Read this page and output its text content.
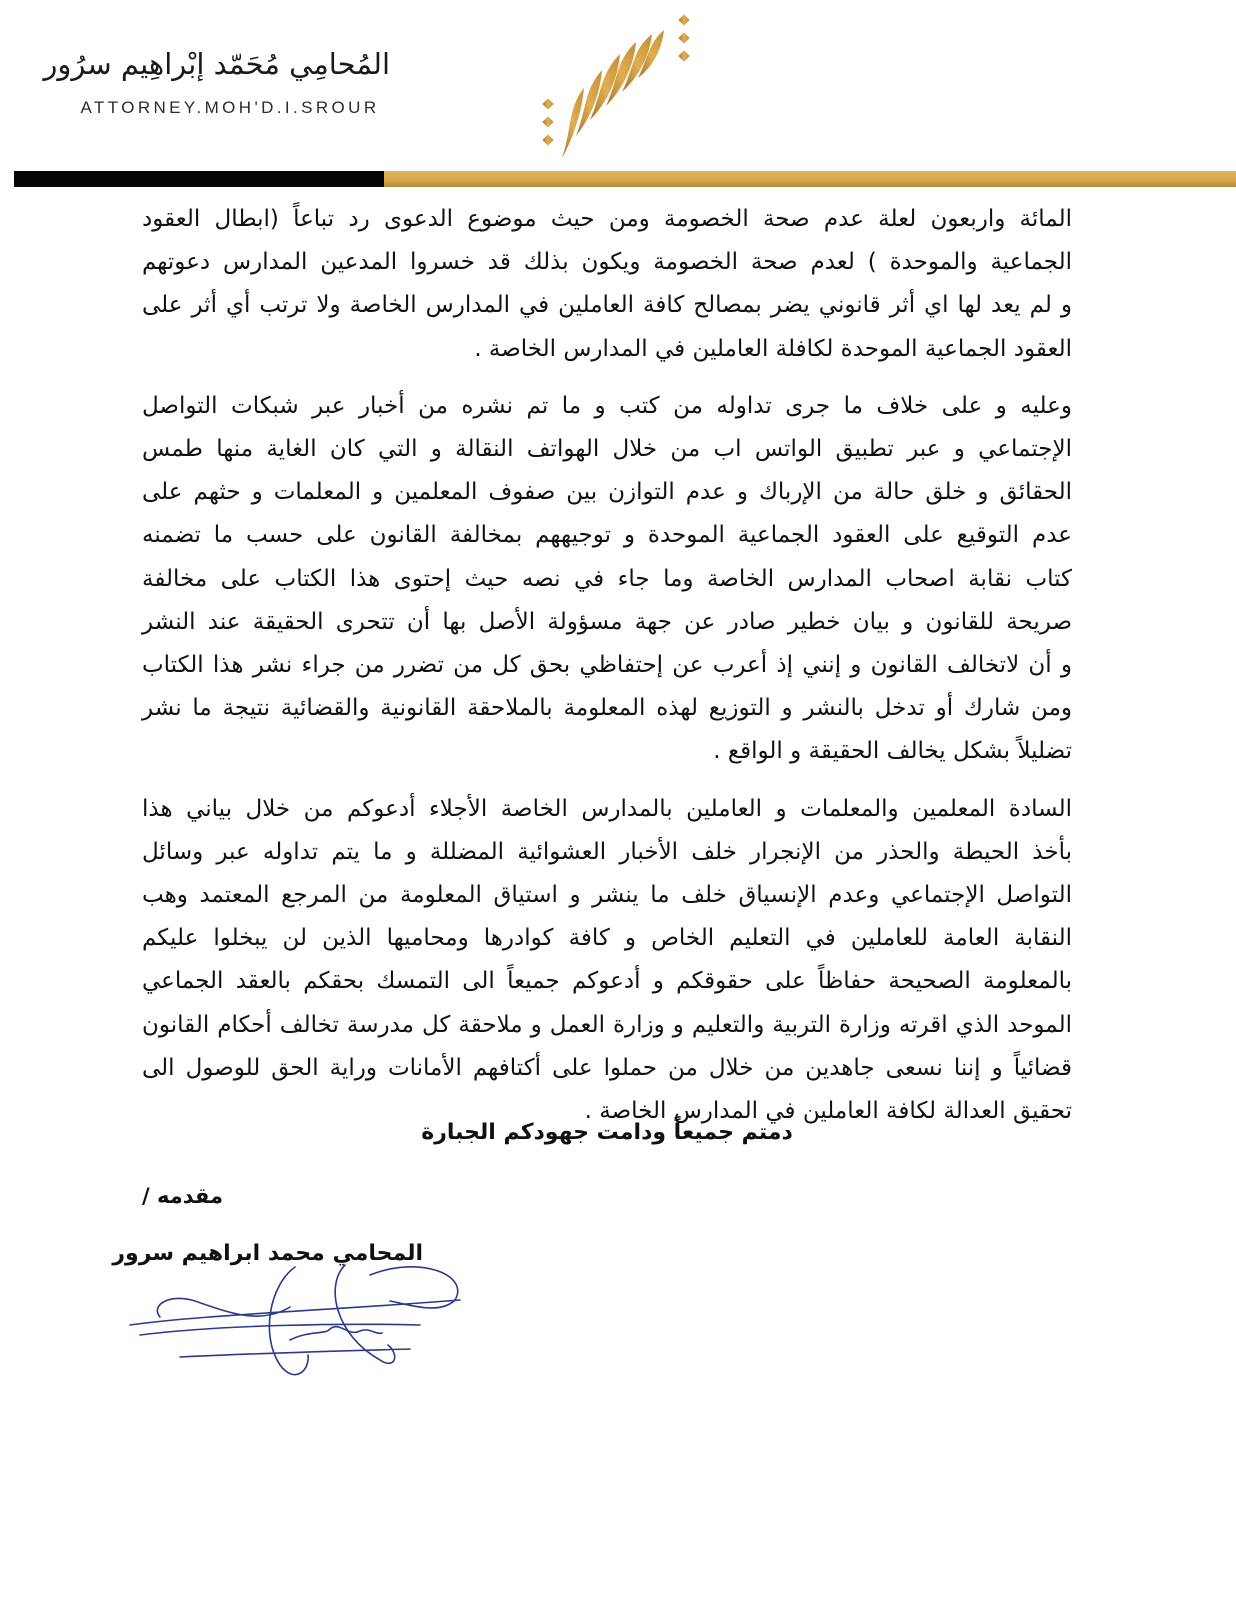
المُحامِي مُحَمّد إبْراهِيم سرُور
ATTORNEY.MOH'D.I.SROUR

المائة واربعون لعلة عدم صحة الخصومة ومن حيث موضوع الدعوى رد تباعاً (ابطال العقود
الجماعية والموحدة ) لعدم صحة الخصومة ويكون بذلك قد خسروا المدعين المدارس دعوتهم
و لم يعد لها اي أثر قانوني يضر بمصالح كافة العاملين في المدارس الخاصة ولا ترتب أي أثر على
العقود الجماعية الموحدة لكافلة العاملين في المدارس الخاصة .

وعليه و على خلاف ما جرى تداوله من كتب و ما تم نشره من أخبار عبر شبكات التواصل
الإجتماعي و عبر تطبيق الواتس اب من خلال الهواتف النقالة و التي كان الغاية منها طمس
الحقائق و خلق حالة من الإرباك و عدم التوازن بين صفوف المعلمين و المعلمات و حثهم على
عدم التوقيع على العقود الجماعية الموحدة و توجيههم بمخالفة القانون على حسب ما تضمنه
كتاب نقابة اصحاب المدارس الخاصة وما جاء في نصه حيث إحتوى هذا الكتاب على مخالفة
صريحة للقانون و بيان خطير صادر عن جهة مسؤولة الأصل بها أن تتحرى الحقيقة عند النشر
و أن لاتخالف القانون و إنني إذ أعرب عن إحتفاظي بحق كل من تضرر من جراء نشر هذا الكتاب
ومن شارك أو تدخل بالنشر و التوزيع لهذه المعلومة بالملاحقة القانونية والقضائية نتيجة ما نشر
تضليلاً بشكل يخالف الحقيقة و الواقع .

السادة المعلمين والمعلمات و العاملين بالمدارس الخاصة الأجلاء أدعوكم من خلال بياني هذا
بأخذ الحيطة والحذر من الإنجرار خلف الأخبار العشوائية المضللة و ما يتم تداوله عبر وسائل
التواصل الإجتماعي وعدم الإنسياق خلف ما ينشر و استياق المعلومة من المرجع المعتمد وهب
النقابة العامة للعاملين في التعليم الخاص و كافة كوادرها ومحاميها الذين لن يبخلوا عليكم
بالمعلومة الصحيحة حفاظاً على حقوقكم و أدعوكم جميعاً الى التمسك بحقكم بالعقد الجماعي
الموحد الذي اقرته وزارة التربية والتعليم و وزارة العمل و ملاحقة كل مدرسة تخالف أحكام القانون
قضائياً و إننا نسعى جاهدين من خلال من حملوا على أكتافهم الأمانات وراية الحق للوصول الى
تحقيق العدالة لكافة العاملين في المدارس الخاصة .

دمتم جميعاً ودامت جهودكم الجبارة
مقدمه /
المحامي محمد ابراهيم سرور
